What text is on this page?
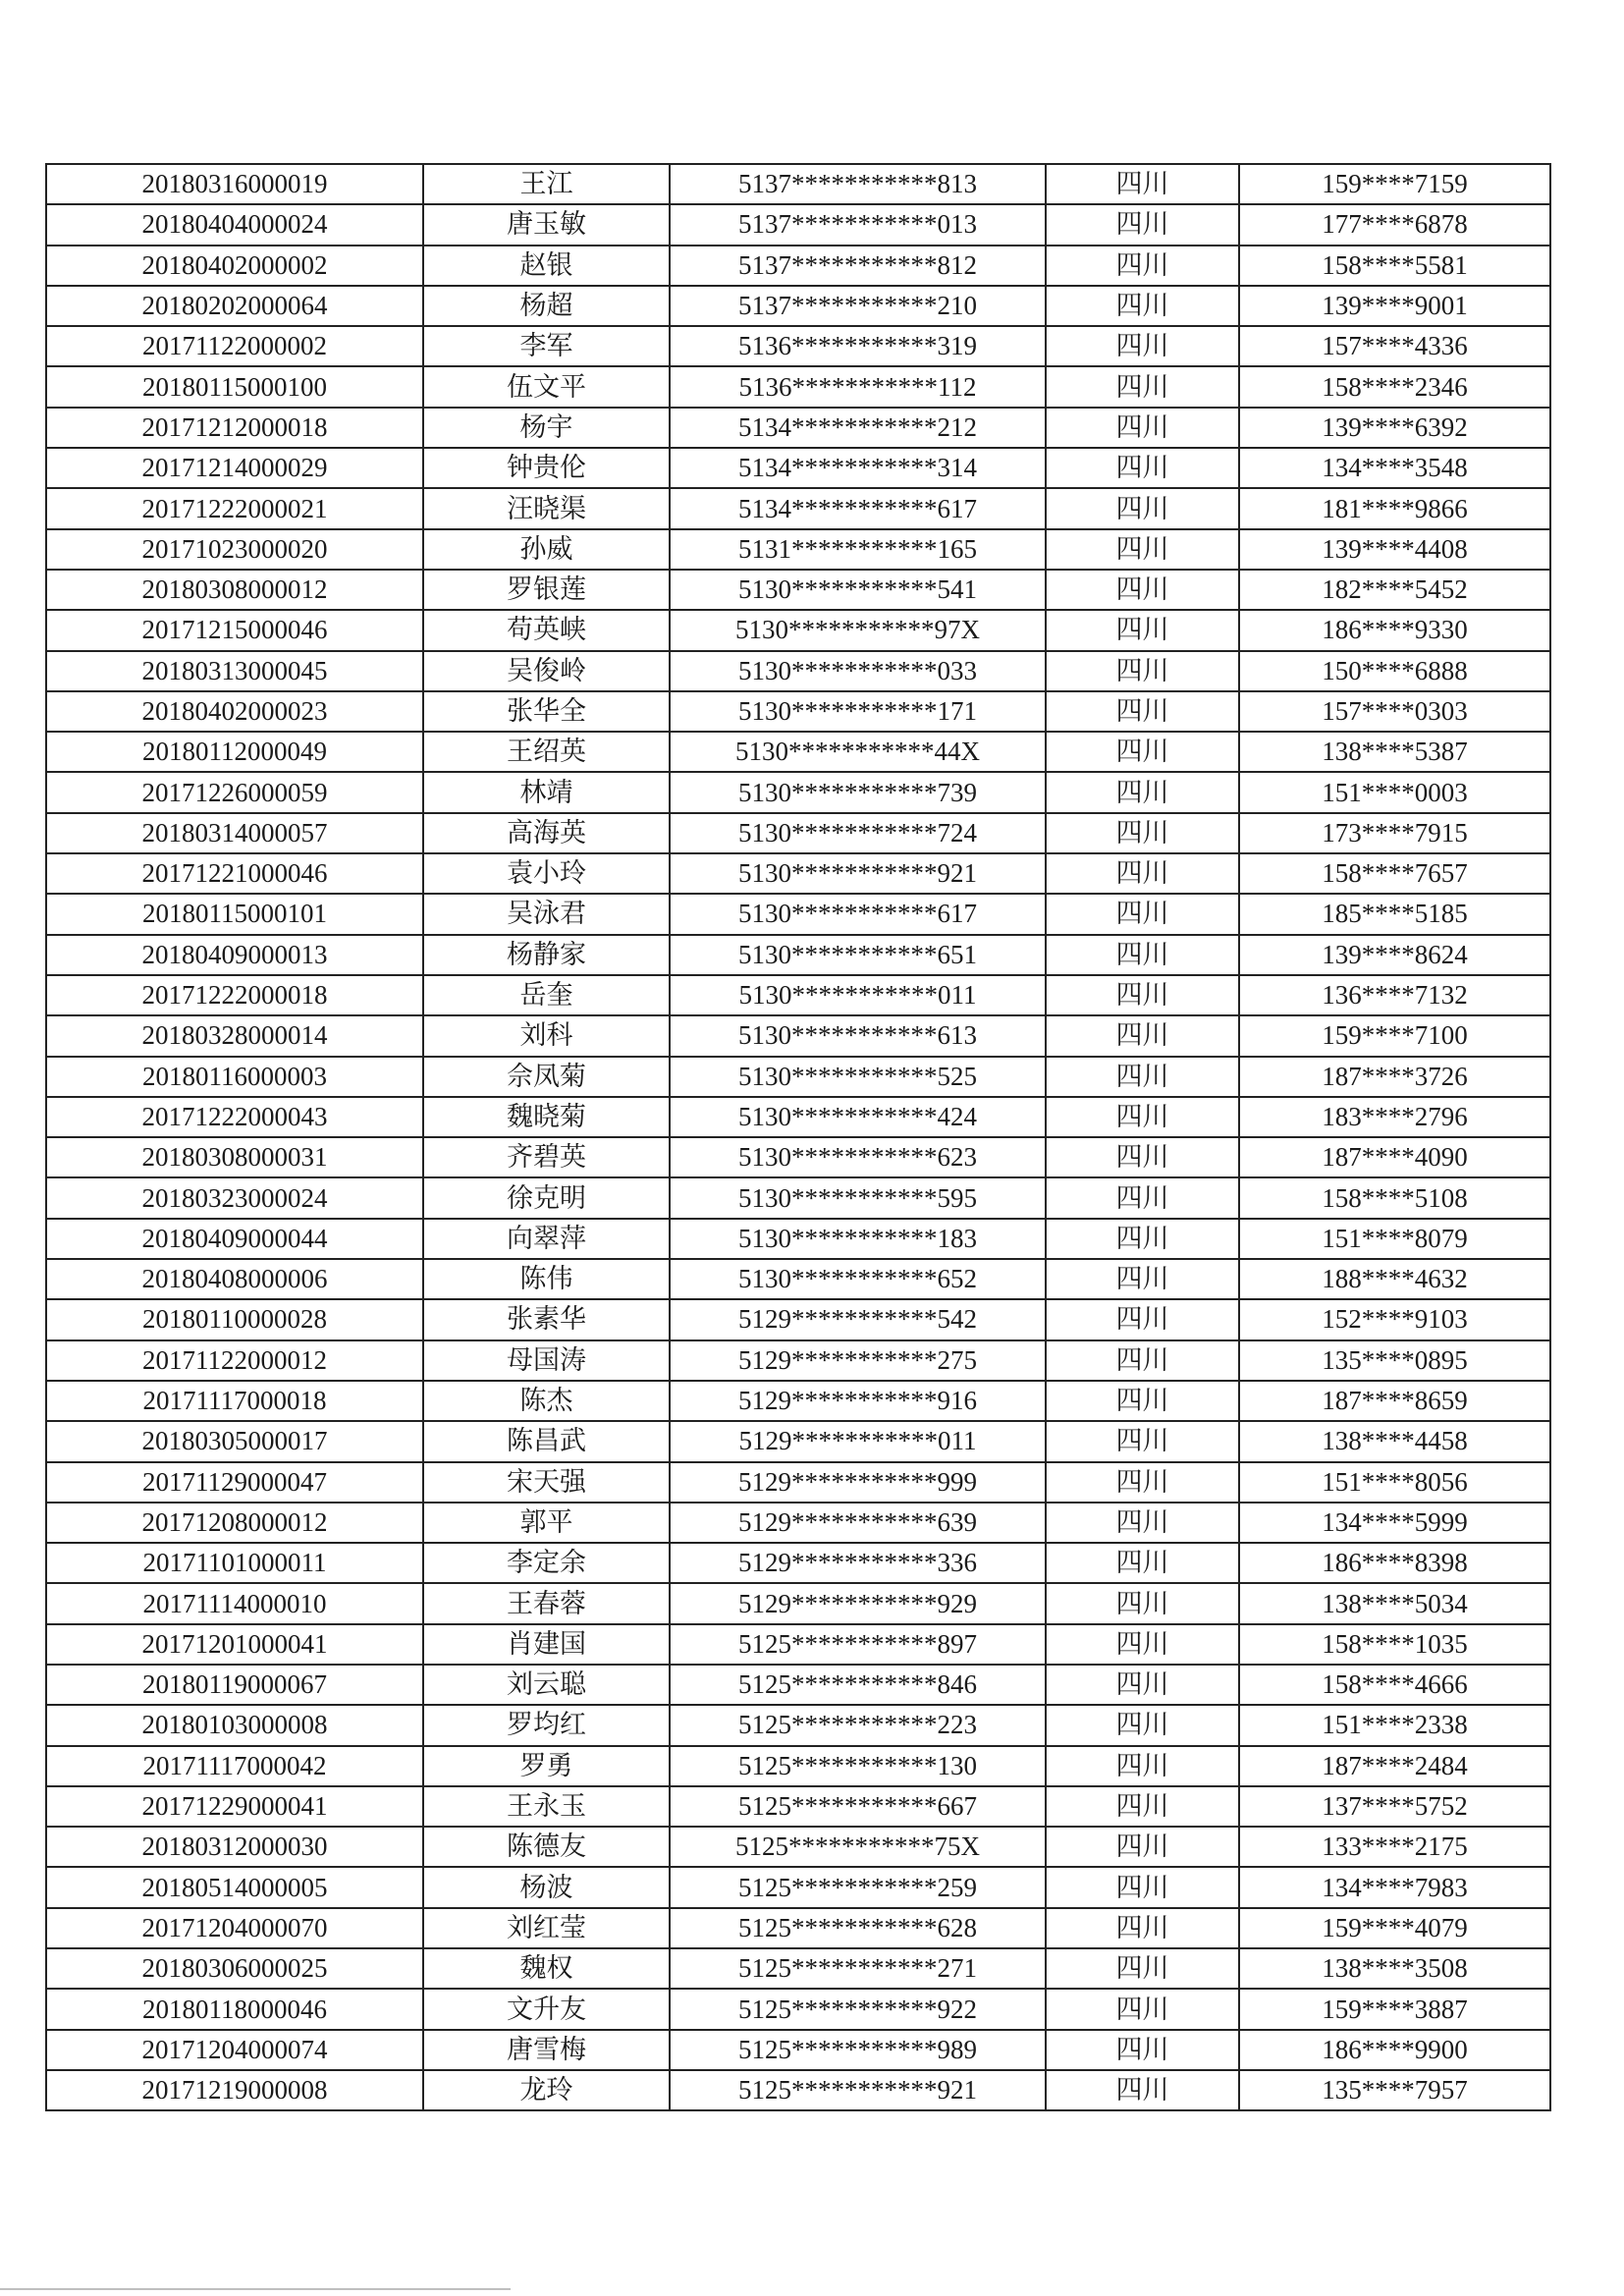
20180316000019	王江	5137***********813	四川	159****7159
20180404000024	唐玉敏	5137***********013	四川	177****6878
20180402000002	赵银	5137***********812	四川	158****5581
20180202000064	杨超	5137***********210	四川	139****9001
20171122000002	李军	5136***********319	四川	157****4336
20180115000100	伍文平	5136***********112	四川	158****2346
20171212000018	杨宇	5134***********212	四川	139****6392
20171214000029	钟贵伦	5134***********314	四川	134****3548
20171222000021	汪晓渠	5134***********617	四川	181****9866
20171023000020	孙威	5131***********165	四川	139****4408
20180308000012	罗银莲	5130***********541	四川	182****5452
20171215000046	苟英峡	5130***********97X	四川	186****9330
20180313000045	吴俊岭	5130***********033	四川	150****6888
20180402000023	张华全	5130***********171	四川	157****0303
20180112000049	王绍英	5130***********44X	四川	138****5387
20171226000059	林靖	5130***********739	四川	151****0003
20180314000057	高海英	5130***********724	四川	173****7915
20171221000046	袁小玲	5130***********921	四川	158****7657
20180115000101	吴泳君	5130***********617	四川	185****5185
20180409000013	杨静家	5130***********651	四川	139****8624
20171222000018	岳奎	5130***********011	四川	136****7132
20180328000014	刘科	5130***********613	四川	159****7100
20180116000003	佘凤菊	5130***********525	四川	187****3726
20171222000043	魏晓菊	5130***********424	四川	183****2796
20180308000031	齐碧英	5130***********623	四川	187****4090
20180323000024	徐克明	5130***********595	四川	158****5108
20180409000044	向翠萍	5130***********183	四川	151****8079
20180408000006	陈伟	5130***********652	四川	188****4632
20180110000028	张素华	5129***********542	四川	152****9103
20171122000012	母国涛	5129***********275	四川	135****0895
20171117000018	陈杰	5129***********916	四川	187****8659
20180305000017	陈昌武	5129***********011	四川	138****4458
20171129000047	宋天强	5129***********999	四川	151****8056
20171208000012	郭平	5129***********639	四川	134****5999
20171101000011	李定余	5129***********336	四川	186****8398
20171114000010	王春蓉	5129***********929	四川	138****5034
20171201000041	肖建国	5125***********897	四川	158****1035
20180119000067	刘云聪	5125***********846	四川	158****4666
20180103000008	罗均红	5125***********223	四川	151****2338
20171117000042	罗勇	5125***********130	四川	187****2484
20171229000041	王永玉	5125***********667	四川	137****5752
20180312000030	陈德友	5125***********75X	四川	133****2175
20180514000005	杨波	5125***********259	四川	134****7983
20171204000070	刘红莹	5125***********628	四川	159****4079
20180306000025	魏权	5125***********271	四川	138****3508
20180118000046	文升友	5125***********922	四川	159****3887
20171204000074	唐雪梅	5125***********989	四川	186****9900
20171219000008	龙玲	5125***********921	四川	135****7957
